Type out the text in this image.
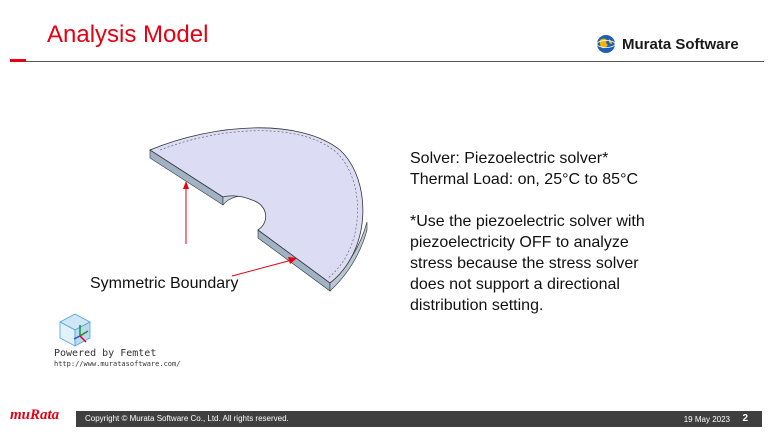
Analysis Model	Murata Software
Symmetric Boundary
Solver: Piezoelectric solver*
Thermal Load: on, 25°C to 85°C
*Use the piezoelectric solver with
piezoelectricity OFF to analyze
stress because the stress solver
does not support a directional
distribution setting.
Powered by Femtet
http://www.muratasoftware.com/
muRata	Copyright © Murata Software Co., Ltd. All rights reserved.	19 May 2023 2
